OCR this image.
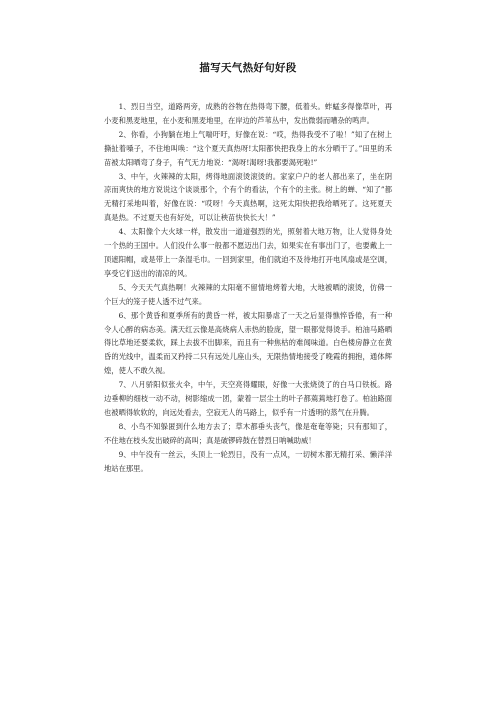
描写天气热好句好段

1、烈日当空，道路两旁，成熟的谷物在热得弯下腰，低着头。蚱蜢多得像草叶，再小麦和黑麦地里，在小麦和黑麦地里，在岸边的芦苇丛中，发出微弱而嘈杂的鸣声。

2、你看，小狗躺在地上气喘吁吁，好像在说：“哎，热得我受不了啦！”知了在树上撕扯着嗓子，不住地叫唤：“这个夏天真热呀!太阳都快把我身上的水分晒干了。”田里的禾苗被太阳晒弯了身子，有气无力地说：“渴呀!渴呀!我都要渴死啦!”

3、中午，火辣辣的太阳，烤得地面滚烫滚烫的。家家户户的老人都出来了，坐在阴凉而爽快的地方说说这个谈谈那个，个有个的看法，个有个的主张。树上的蝉、“知了”都无精打采地叫着，好像在说：“哎呀！今天真热啊，这死太阳快把我给晒死了。这死夏天真是热。不过夏天也有好处，可以让秧苗快快长大！”

4、太阳像个大火球一样，散发出一道道强烈的光，照射着大地万物，让人觉得身处一个热的王国中。人们没什么事一般都不愿迈出门去，如果实在有事出门了，也要戴上一顶遮阳帽，或是带上一条湿毛巾。一回到家里，他们就迫不及待地打开电风扇或是空调，享受它们送出的清凉的风。

5、今天天气真热啊！火辣辣的太阳毫不留情地烤着大地，大地被晒的滚烫，仿佛一个巨大的笼子使人透不过气来。

6、那个黄昏和夏季所有的黄昏一样，被太阳暴虐了一天之后显得憔悴昏倦，有一种令人心醉的病态美。满天红云像是高烧病人赤热的脸庞，望一眼都觉得烫手。柏油马路晒得比草地还要柔软，踩上去拔不出脚来，而且有一种焦枯的难闻味道。白色楼房静立在黄昏的光线中，温柔而又矜持二只有远处儿座山头，无限热情地接受了晚霞的拥抱，通体辉煌，使人不敢久视。

7、八月骄阳似张火伞，中午，天空亮得耀眼，好像一大张烧烫了的白马口铁板。路边垂柳的细枝一动不动，树影缩成一团，蒙着一层尘土的叶子都蔫蔫地打卷了。柏油路面也被晒得软软的，向远处看去，空寂无人的马路上，似乎有一片透明的蒸气在升腾。

8、小鸟不知躲匿到什么地方去了；草木都垂头丧气，像是奄奄等毙；只有那知了，不住地在枝头发出破碎的高叫；真是破锣碎鼓在替烈日呐喊助威！

9、中午没有一丝云，头顶上一轮烈日，没有一点风，一切树木都无精打采、懒洋洋地站在那里。
